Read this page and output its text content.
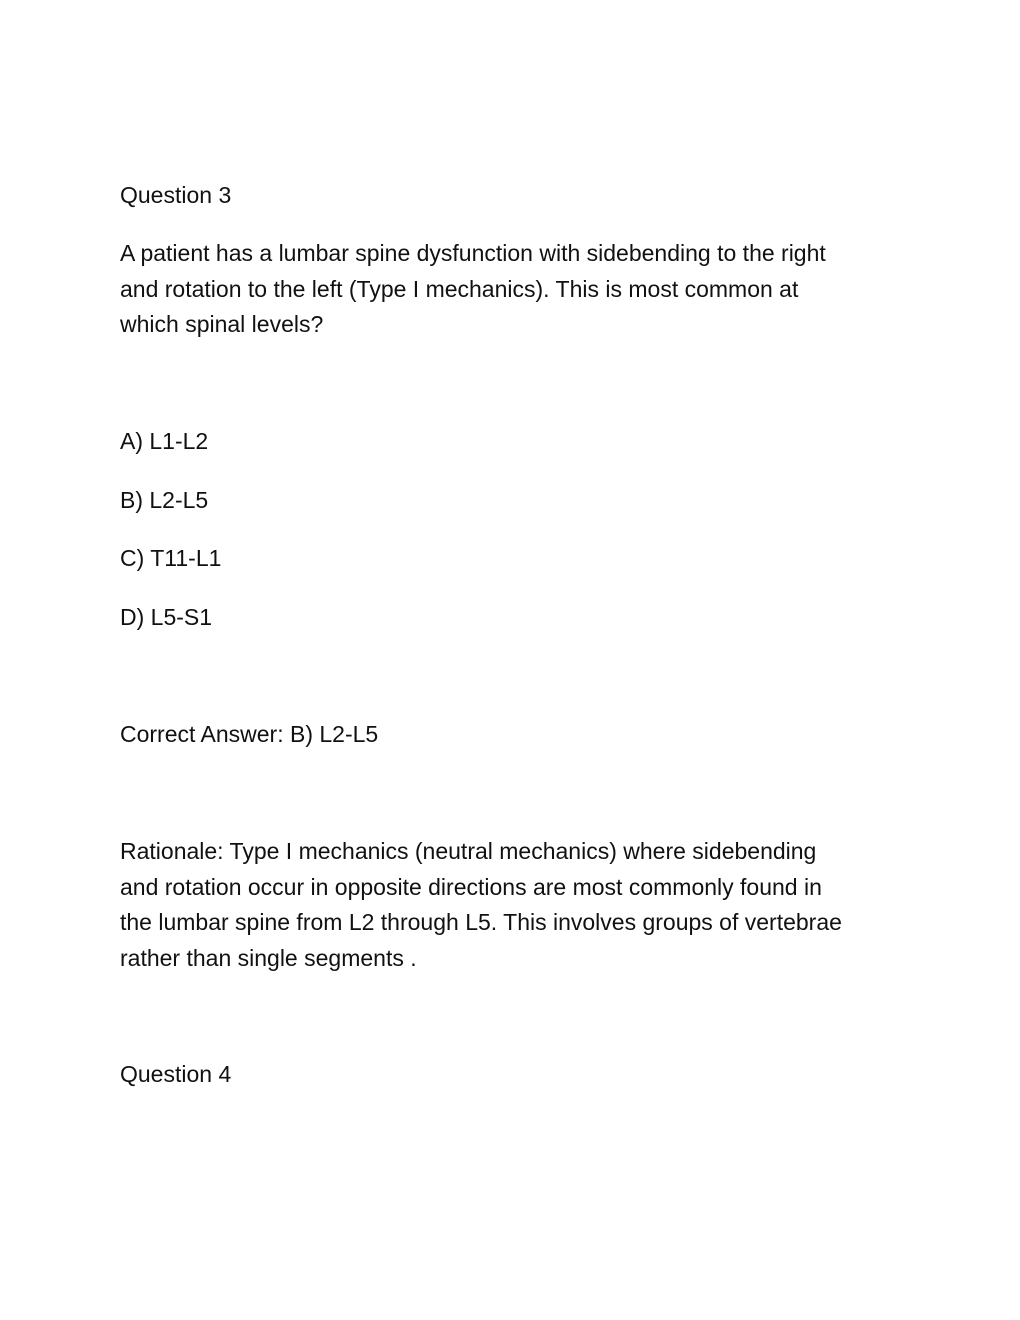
Question 3

A patient has a lumbar spine dysfunction with sidebending to the right
and rotation to the left (Type I mechanics). This is most common at
which spinal levels?

A) L1-L2

B) L2-L5

C) T11-L1

D) L5-S1

Correct Answer: B) L2-L5

Rationale: Type I mechanics (neutral mechanics) where sidebending
and rotation occur in opposite directions are most commonly found in
the lumbar spine from L2 through L5. This involves groups of vertebrae
rather than single segments .

Question 4
